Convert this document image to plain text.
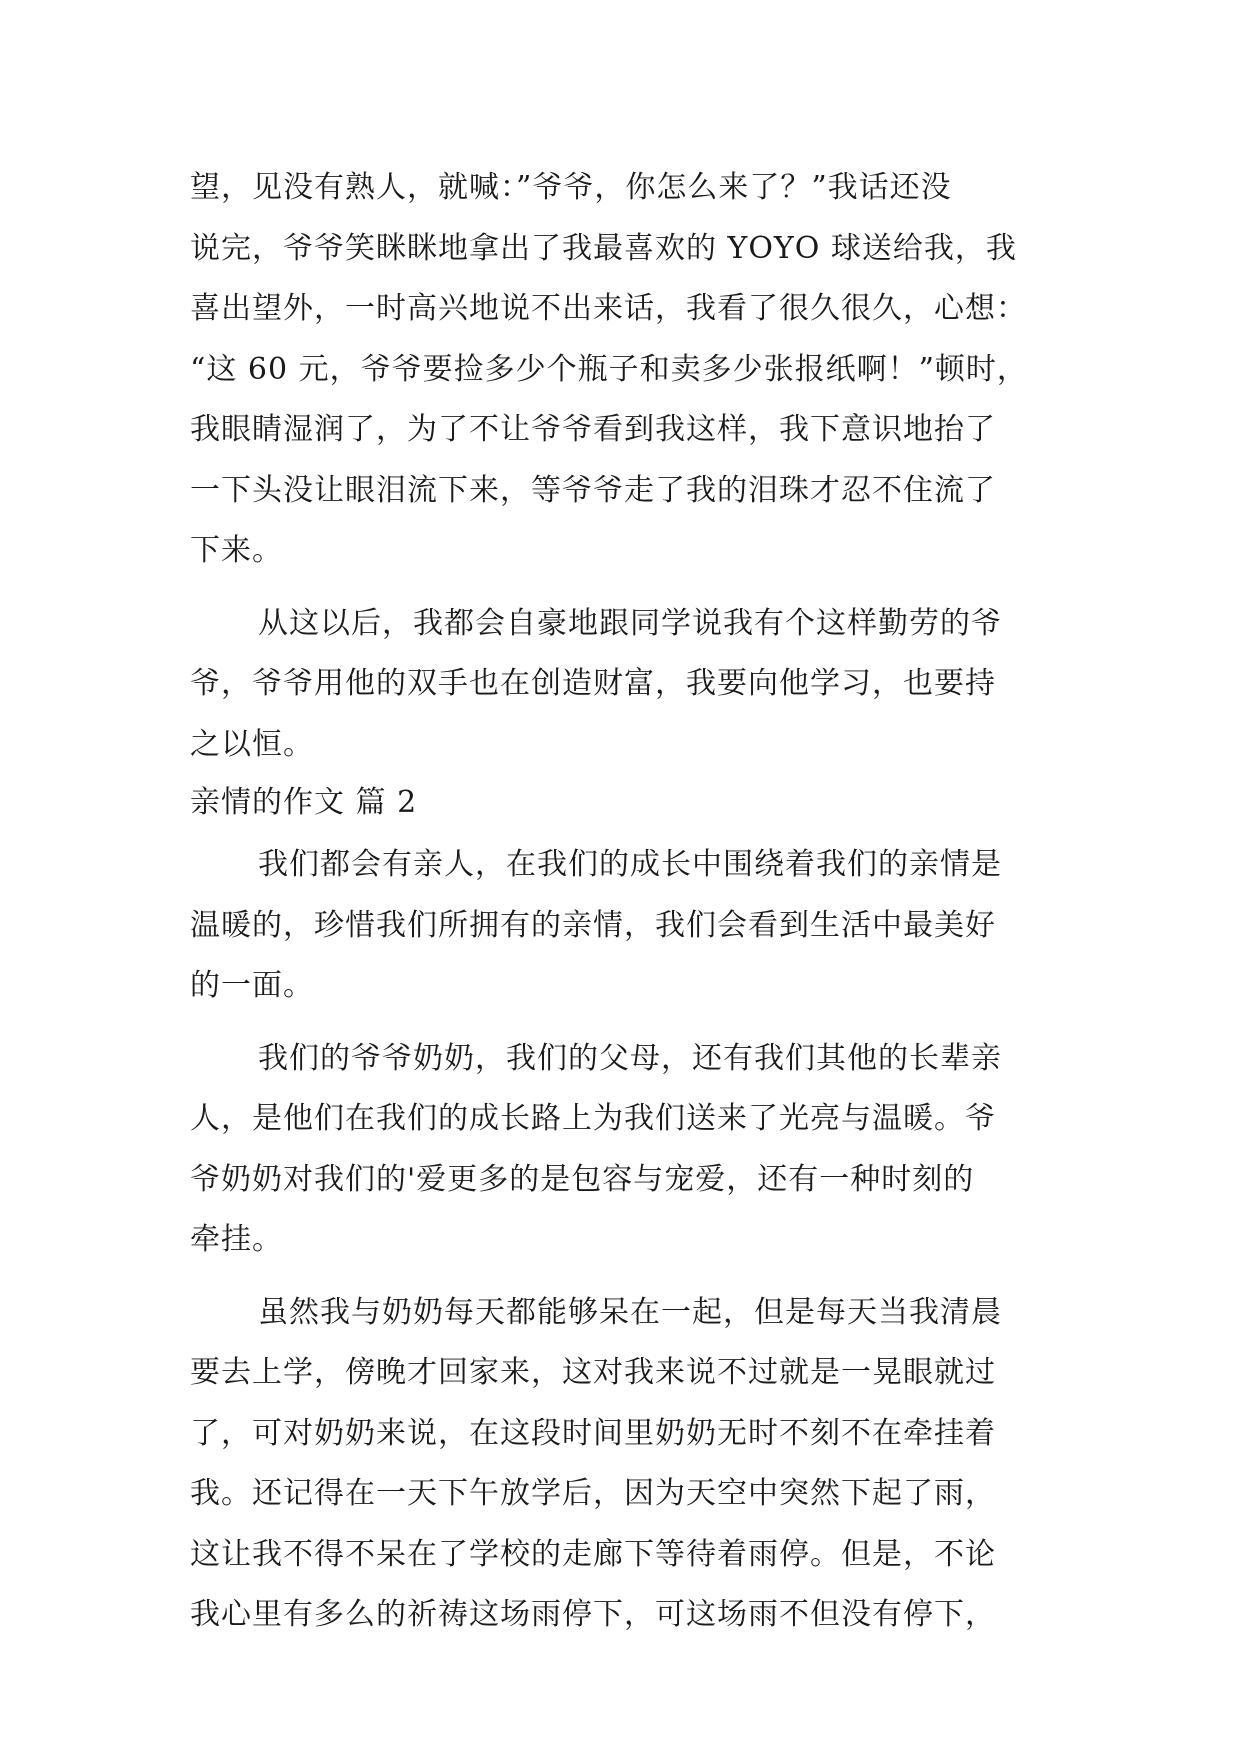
望，见没有熟人，就喊：”爷爷，你怎么来了？”我话还没
说完，爷爷笑眯眯地拿出了我最喜欢的 YOYO 球送给我，我
喜出望外，一时高兴地说不出来话，我看了很久很久，心想：
“这 60 元，爷爷要捡多少个瓶子和卖多少张报纸啊！”顿时，
我眼睛湿润了，为了不让爷爷看到我这样，我下意识地抬了
一下头没让眼泪流下来，等爷爷走了我的泪珠才忍不住流了
下来。
从这以后，我都会自豪地跟同学说我有个这样勤劳的爷
爷，爷爷用他的双手也在创造财富，我要向他学习，也要持
之以恒。
亲情的作文 篇 2
我们都会有亲人，在我们的成长中围绕着我们的亲情是
温暖的，珍惜我们所拥有的亲情，我们会看到生活中最美好
的一面。
我们的爷爷奶奶，我们的父母，还有我们其他的长辈亲
人，是他们在我们的成长路上为我们送来了光亮与温暖。爷
爷奶奶对我们的'爱更多的是包容与宠爱，还有一种时刻的
牵挂。
虽然我与奶奶每天都能够呆在一起，但是每天当我清晨
要去上学，傍晚才回家来，这对我来说不过就是一晃眼就过
了，可对奶奶来说，在这段时间里奶奶无时不刻不在牵挂着
我。还记得在一天下午放学后，因为天空中突然下起了雨，
这让我不得不呆在了学校的走廊下等待着雨停。但是，不论
我心里有多么的祈祷这场雨停下，可这场雨不但没有停下，
